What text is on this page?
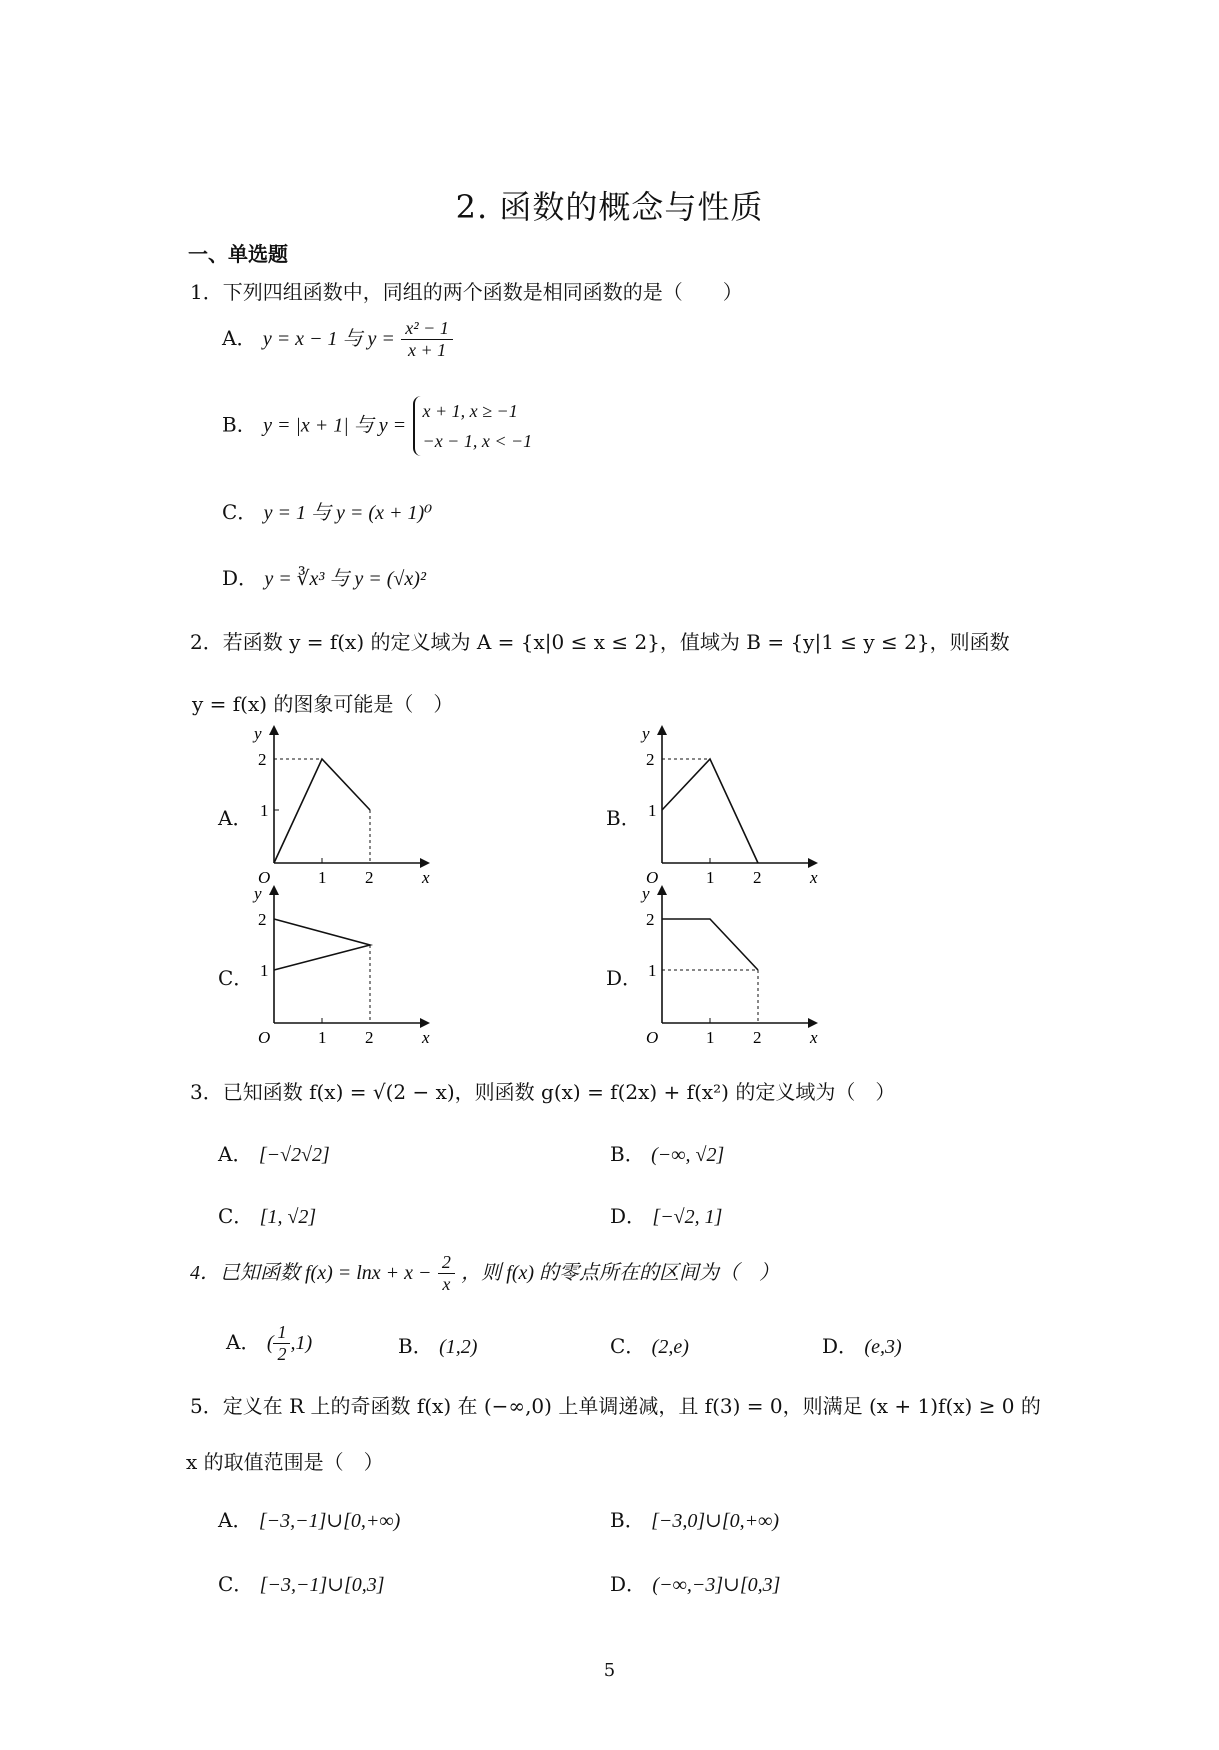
2. 函数的概念与性质
一、单选题
1．下列四组函数中，同组的两个函数是相同函数的是（　　）
A． y = x − 1 与 $y = \frac{\text{x² − 1}}{x + 1}$
B． y = |x + 1| 与 y =
x + 1, x ≥ −1
−x − 1, x < −1
C． y = 1 与 y = (x + 1)⁰
D． y = ∛x³ 与 y = (√x)²
2．若函数 y = f(x) 的定义域为 A = {x|0 ≤ x ≤ 2}，值域为 B = {y|1 ≤ y ≤ 2}，则函数
y = f(x) 的图象可能是（　）
A．	B．
C．	D．
y
x
O	1 2
2
1
y
x
O	1 2
2
1
y
x
O	1 2
2
1
y
x
O	1 2
2
1
3．已知函数 f(x) = √(2 − x)，则函数 g(x) = f(2x) + f(x²) 的定义域为（　）
A． [−√2√2]	B． (−∞, √2]
C． [1, √2]	D． [−√2, 1]
4．已知函数 $f(x) = \ln x + x - \frac{2}{x}$ ，则 f(x) 的零点所在的区间为（　）
A． ( $\frac{1}{2} ,1$)	B． (1,2)	C． (2,e)	D． (e,3)
5．定义在 R 上的奇函数 f(x) 在 (−∞,0) 上单调递减，且 f(3) = 0，则满足 (x + 1)f(x) ≥ 0 的
x 的取值范围是（　）
A． [−3,−1]∪[0,+∞)	B． [−3,0]∪[0,+∞)
C． [−3,−1]∪[0,3]	D． (−∞,−3]∪[0,3]
5
